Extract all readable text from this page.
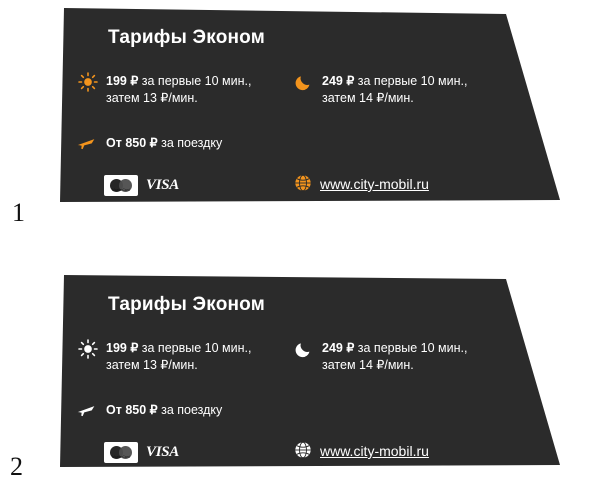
Тарифы Эконом
199 ₽ за первые 10 мин.,
затем 13 ₽/мин.
249 ₽ за первые 10 мин.,
затем 14 ₽/мин.
От 850 ₽ за поездку
MasterCard	VISA	www.city-mobil.ru
1
Тарифы Эконом
199 ₽ за первые 10 мин.,
затем 13 ₽/мин.
249 ₽ за первые 10 мин.,
затем 14 ₽/мин.
От 850 ₽ за поездку
MasterCard	VISA	www.city-mobil.ru
2
